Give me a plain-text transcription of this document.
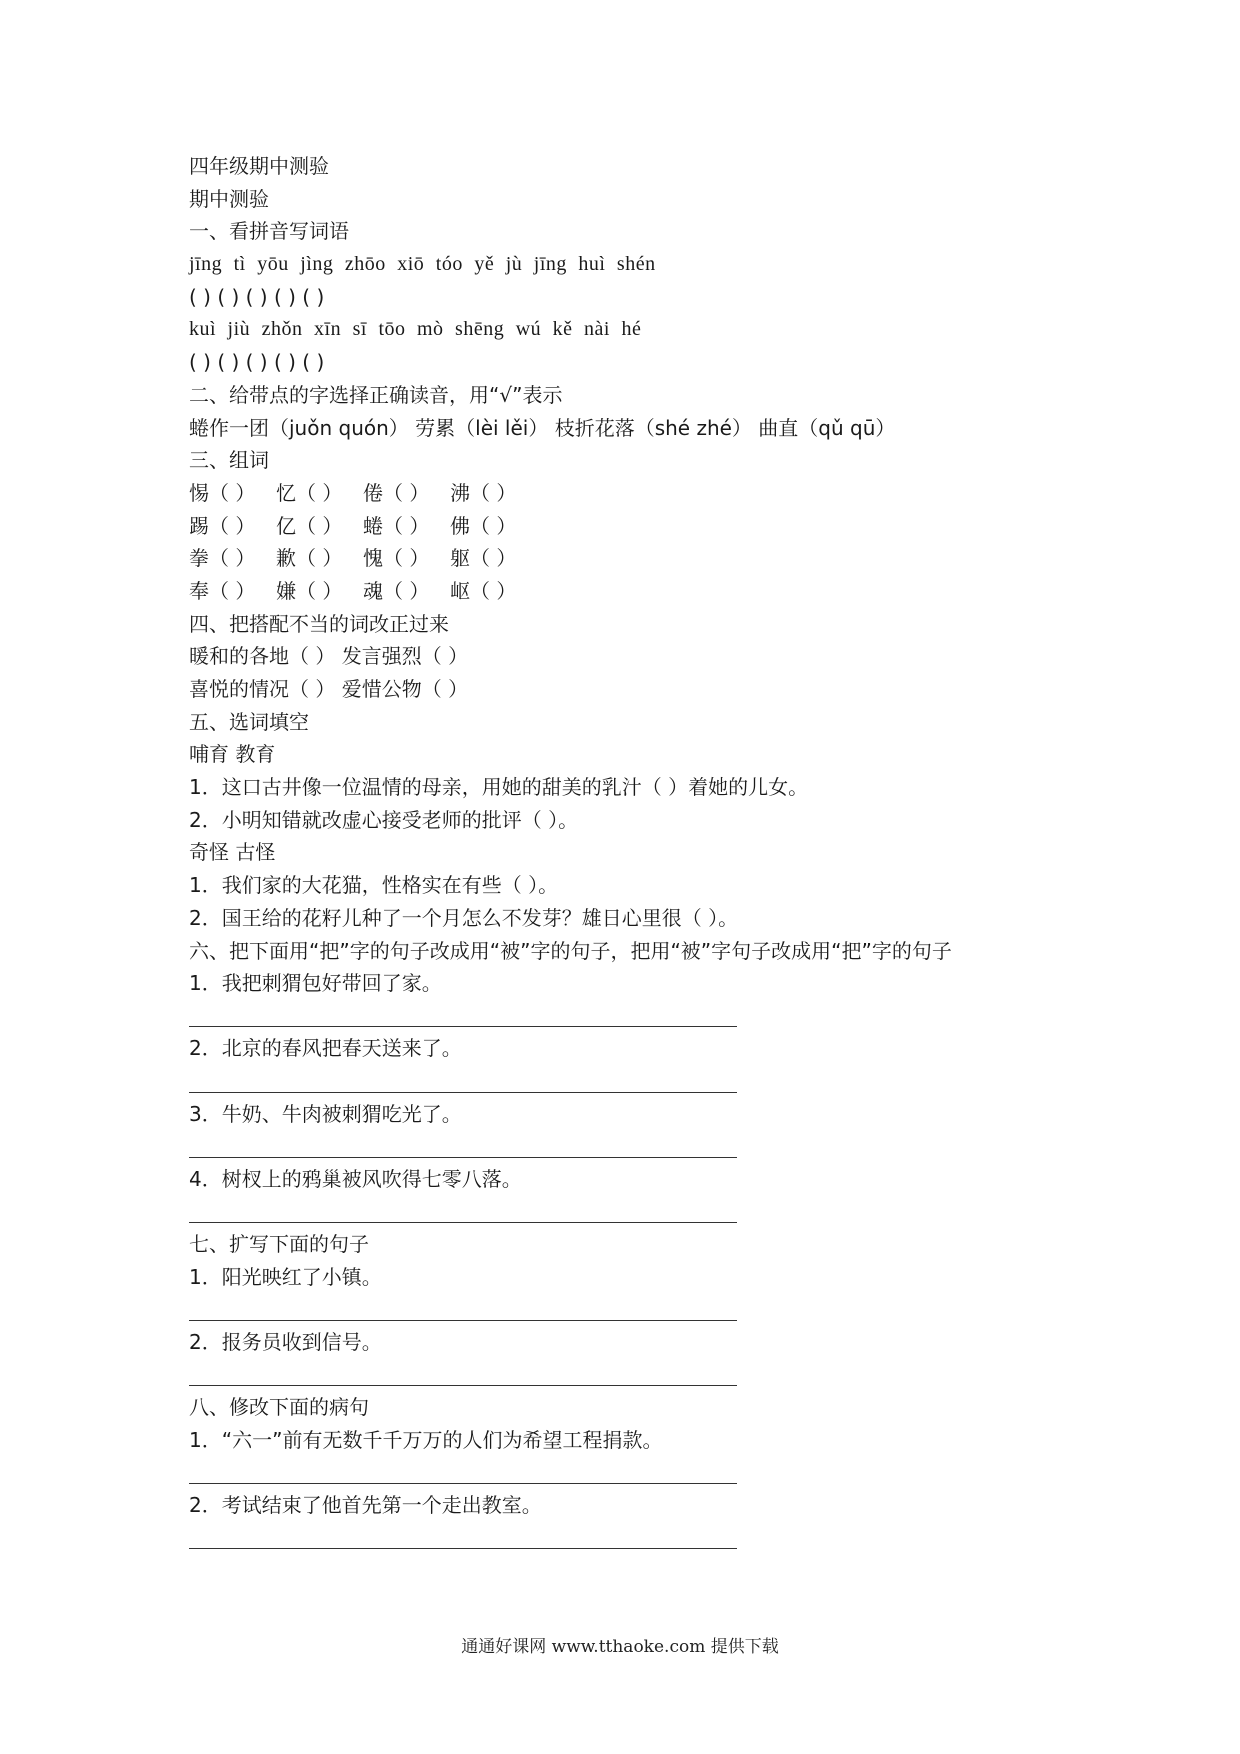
四年级期中测验
期中测验
一、看拼音写词语
jīng tì yōu jìng zhōo xiō tóo yě jù jīng huì shén
( ) ( ) ( ) ( ) ( )
kuì jiù zhǒn xīn sī tōo mò shēng wú kě nài hé
( ) ( ) ( ) ( ) ( )
二、给带点的字选择正确读音，用“√”表示
蜷作一团（juǒn quón） 劳累（lèi lěi） 枝折花落（shé zhé） 曲直（qǔ qū）
三、组词
惕（ ）	忆（ ）	倦（ ）	沸（ ）
踢（ ）	亿（ ）	蜷（ ）	佛（ ）
拳（ ）	歉（ ）	愧（ ）	躯（ ）
奉（ ）	嫌（ ）	魂（ ）	岖（ ）
四、把搭配不当的词改正过来
暖和的各地（ ） 发言强烈（ ）
喜悦的情况（ ） 爱惜公物（ ）
五、选词填空
哺育 教育
1．这口古井像一位温情的母亲，用她的甜美的乳汁（ ）着她的儿女。
2．小明知错就改虚心接受老师的批评（ ）。
奇怪 古怪
1．我们家的大花猫，性格实在有些（ ）。
2．国王给的花籽儿种了一个月怎么不发芽？雄日心里很（ ）。
六、把下面用“把”字的句子改成用“被”字的句子，把用“被”字句子改成用“把”字的句子
1．我把刺猬包好带回了家。
2．北京的春风把春天送来了。
3．牛奶、牛肉被刺猬吃光了。
4．树杈上的鸦巢被风吹得七零八落。
七、扩写下面的句子
1．阳光映红了小镇。
2．报务员收到信号。
八、修改下面的病句
1．“六一”前有无数千千万万的人们为希望工程捐款。
2．考试结束了他首先第一个走出教室。
通通好课网 www.tthaoke.com 提供下载
